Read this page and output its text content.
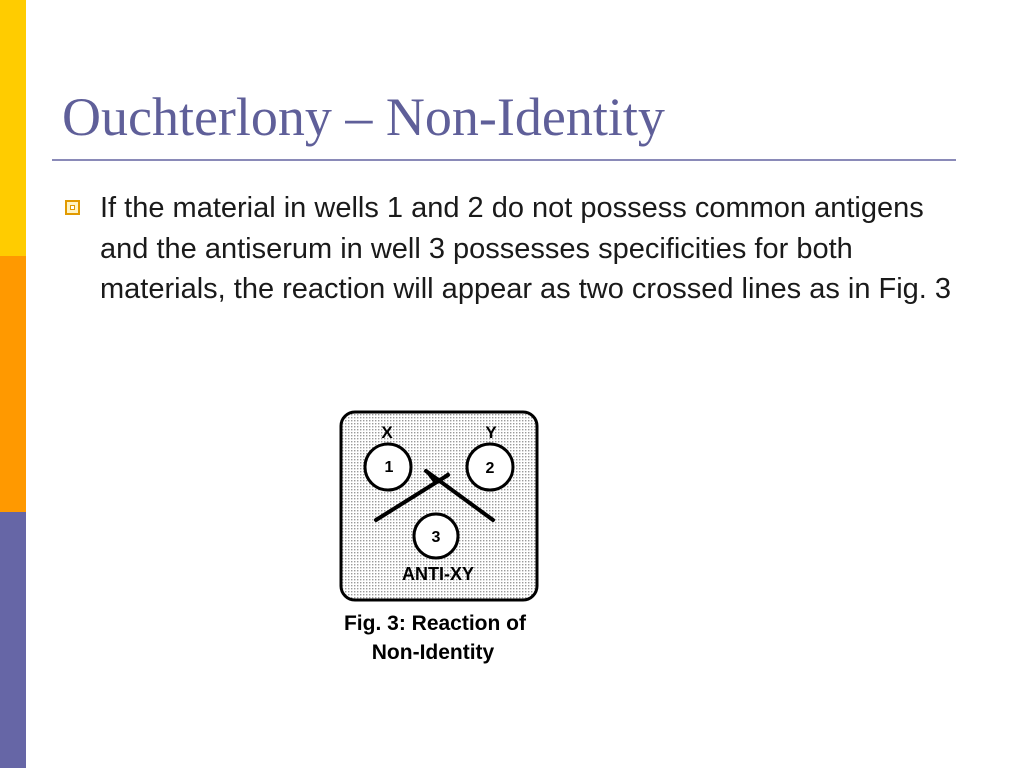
Ouchterlony – Non-Identity

If the material in wells 1 and 2 do not possess common antigens and the antiserum in well 3 possesses specificities for both materials, the reaction will appear as two crossed lines as in Fig. 3

X	Y
1	2
3
ANTI-XY
Fig. 3: Reaction of
Non-Identity
